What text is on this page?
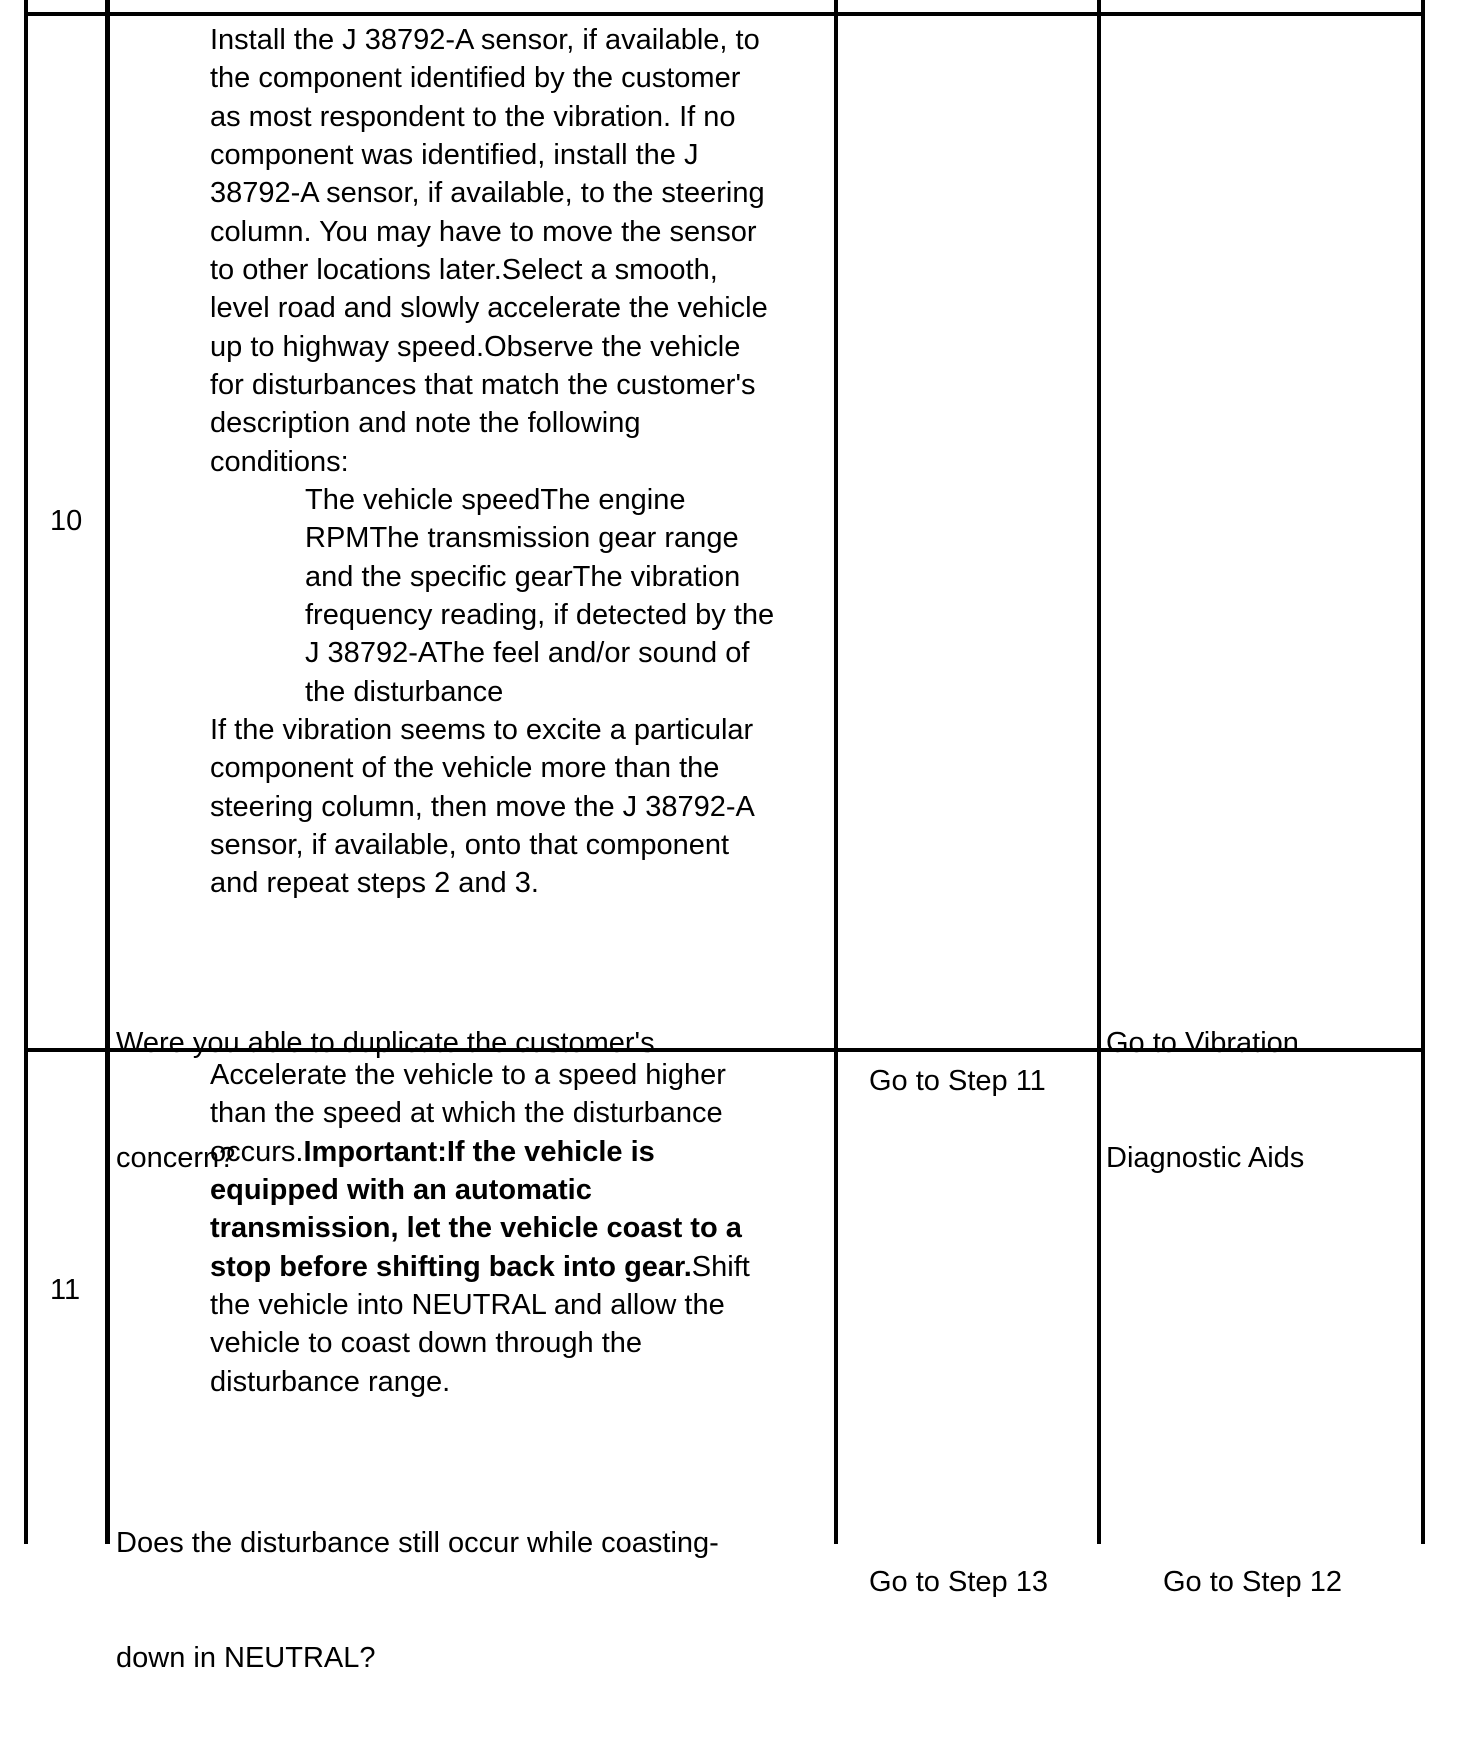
10
Install the J 38792-A sensor, if available, to
the component identified by the customer
as most respondent to the vibration. If no
component was identified, install the J
38792-A sensor, if available, to the steering
column. You may have to move the sensor
to other locations later.Select a smooth,
level road and slowly accelerate the vehicle
up to highway speed.Observe the vehicle
for disturbances that match the customer's
description and note the following
conditions:
The vehicle speedThe engine
RPMThe transmission gear range
and the specific gearThe vibration
frequency reading, if detected by the
J 38792-AThe feel and/or sound of
the disturbance
If the vibration seems to excite a particular
component of the vehicle more than the
steering column, then move the J 38792-A
sensor, if available, onto that component
and repeat steps 2 and 3.

Were you able to duplicate the customer's

concern?

Go to Step 11

Go to Vibration

Diagnostic Aids

11
Accelerate the vehicle to a speed higher
than the speed at which the disturbance
occurs.Important:If the vehicle is
equipped with an automatic
transmission, let the vehicle coast to a
stop before shifting back into gear.Shift
the vehicle into NEUTRAL and allow the
vehicle to coast down through the
disturbance range.

Does the disturbance still occur while coasting-

down in NEUTRAL?

Go to Step 13

	Go to Step 12
